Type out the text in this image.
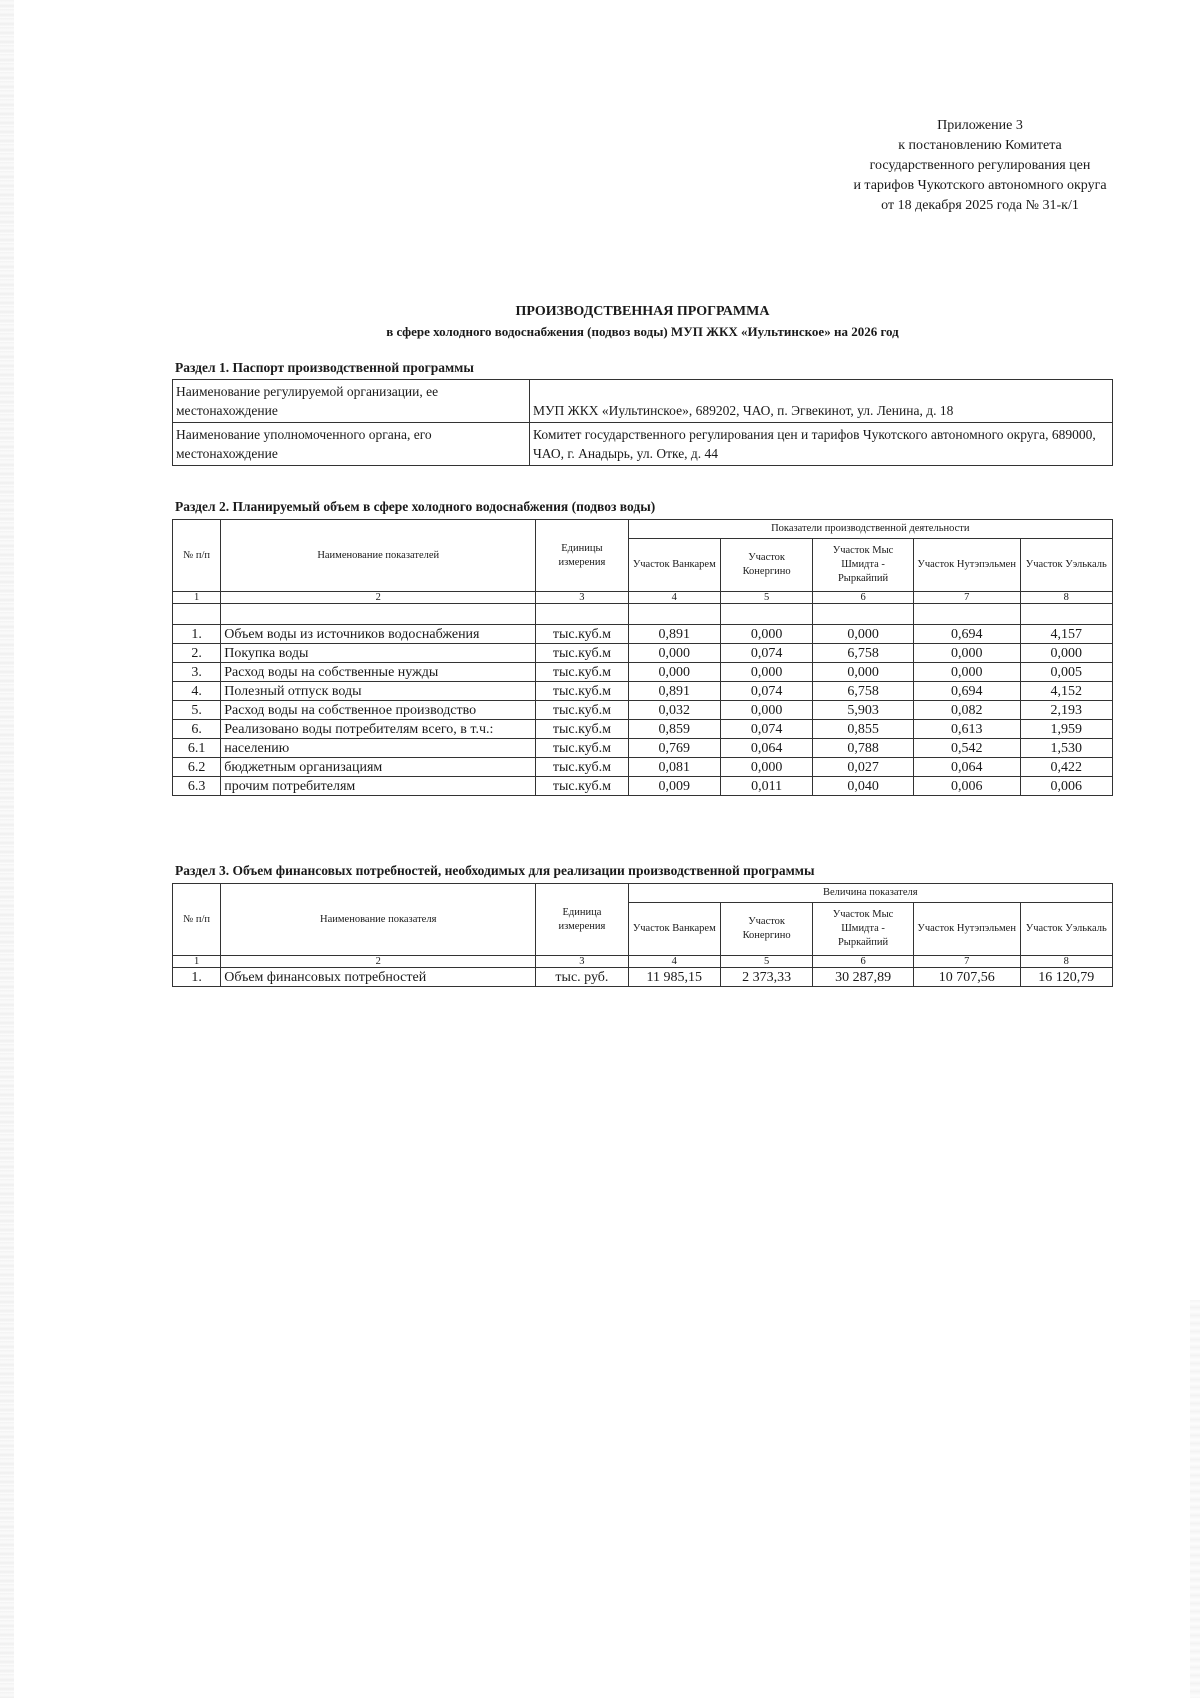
Приложение 3
к постановлению Комитета
государственного регулирования цен
и тарифов Чукотского автономного округа
от 18 декабря 2025 года № 31-к/1
ПРОИЗВОДСТВЕННАЯ ПРОГРАММА
в сфере холодного водоснабжения (подвоз воды) МУП ЖКХ «Иультинское» на 2026 год
Раздел 1. Паспорт производственной программы
Наименование регулируемой организации, ее местонахождение	МУП ЖКХ «Иультинское», 689202, ЧАО, п. Эгвекинот, ул. Ленина, д. 18
Наименование уполномоченного органа, его местонахождение	Комитет государственного регулирования цен и тарифов Чукотского автономного округа, 689000, ЧАО, г. Анадырь, ул. Отке, д. 44
Раздел 2. Планируемый объем в сфере холодного водоснабжения (подвоз воды)
№ п/п	Наименование показателей	Единицы измерения	Показатели производственной деятельности				
			Участок Ванкарем	Участок Конергино	Участок Мыс Шмидта - Рыркайпий	Участок Нутэпэльмен	Участок Уэлькаль
1	2	3	4	5	6	7	8

1.	Объем воды из источников водоснабжения	тыс.куб.м	0,891	0,000	0,000	0,694	4,157
2.	Покупка воды	тыс.куб.м	0,000	0,074	6,758	0,000	0,000
3.	Расход воды на собственные нужды	тыс.куб.м	0,000	0,000	0,000	0,000	0,005
4.	Полезный отпуск воды	тыс.куб.м	0,891	0,074	6,758	0,694	4,152
5.	Расход воды на собственное производство	тыс.куб.м	0,032	0,000	5,903	0,082	2,193
6.	Реализовано воды потребителям всего, в т.ч.:	тыс.куб.м	0,859	0,074	0,855	0,613	1,959
6.1	населению	тыс.куб.м	0,769	0,064	0,788	0,542	1,530
6.2	бюджетным организациям	тыс.куб.м	0,081	0,000	0,027	0,064	0,422
6.3	прочим потребителям	тыс.куб.м	0,009	0,011	0,040	0,006	0,006
Раздел 3. Объем финансовых потребностей, необходимых для реализации производственной программы
№ п/п	Наименование показателя	Единица измерения	Величина показателя				
			Участок Ванкарем	Участок Конергино	Участок Мыс Шмидта - Рыркайпий	Участок Нутэпэльмен	Участок Уэлькаль
1	2	3	4	5	6	7	8
1.	Объем финансовых потребностей	тыс. руб.	11 985,15	2 373,33	30 287,89	10 707,56	16 120,79
